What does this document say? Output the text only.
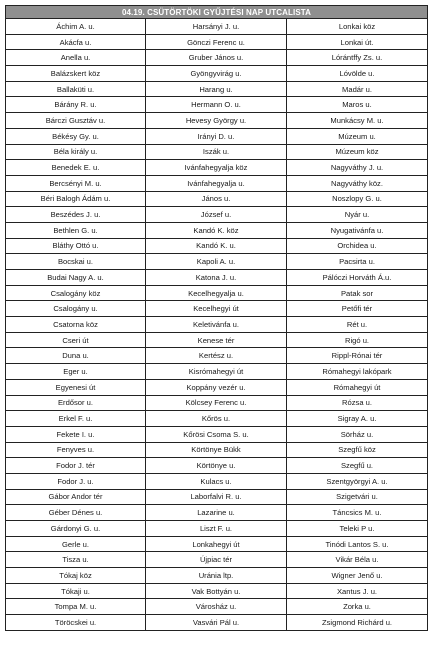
04.19. CSÜTÖRTÖKI GYŰJTÉSI NAP UTCALISTA		
Áchim A. u.	Harsányi J. u.	Lonkai köz
Akácfa u.	Gönczi Ferenc u.	Lonkai út.
Anella u.	Gruber János u.	Lórántffy Zs. u.
Balázskert köz	Gyöngyvirág u.	Lóvölde u.
Ballaküti u.	Harang u.	Madár u.
Bárány R. u.	Hermann O. u.	Maros u.
Bárczi Gusztáv u.	Hevesy György u.	Munkácsy M. u.
Békésy Gy. u.	Irányi D. u.	Múzeum u.
Béla király u.	Iszák u.	Múzeum köz
Benedek E. u.	Ivánfahegyalja köz	Nagyváthy J. u.
Bercsényi M. u.	Ivánfahegyalja u.	Nagyváthy köz.
Béri Balogh Ádám u.	János u.	Noszlopy G. u.
Beszédes J. u.	József u.	Nyár u.
Bethlen G. u.	Kandó K. köz	Nyugativánfa u.
Bláthy Ottó u.	Kandó K. u.	Orchidea u.
Bocskai u.	Kapoli A. u.	Pacsirta u.
Budai Nagy A. u.	Katona J. u.	Pálóczi Horváth Á.u.
Csalogány köz	Kecelhegyalja u.	Patak sor
Csalogány u.	Kecelhegyi út	Petőfi tér
Csatorna köz	Keletivánfa u.	Rét u.
Cseri út	Kenese tér	Rigó u.
Duna u.	Kertész u.	Rippl-Rónai tér
Eger u.	Kisrómahegyi út	Rómahegyi lakópark
Egyenesi út	Koppány vezér u.	Rómahegyi út
Erdősor u.	Kölcsey Ferenc u.	Rózsa u.
Erkel F. u.	Kőrös u.	Sigray A. u.
Fekete I. u.	Kőrösi Csoma S. u.	Sörház u.
Fenyves u.	Körtönye Bükk	Szegfű köz
Fodor J. tér	Körtönye u.	Szegfű u.
Fodor J. u.	Kulacs u.	Szentgyörgyi A. u.
Gábor Andor tér	Laborfalvi R. u.	Szigetvári u.
Géber Dénes u.	Lazarine u.	Táncsics M. u.
Gárdonyi G. u.	Liszt F. u.	Teleki P u.
Gerle u.	Lonkahegyi út	Tinódi Lantos S. u.
Tisza u.	Újpiac tér	Vikár Béla u.
Tókaj köz	Uránia ltp.	Wigner Jenő u.
Tókaji u.	Vak Bottyán u.	Xantus J. u.
Tompa M. u.	Városház u.	Zorka u.
Töröcskei u.	Vasvári Pál u.	Zsigmond Richárd u.
